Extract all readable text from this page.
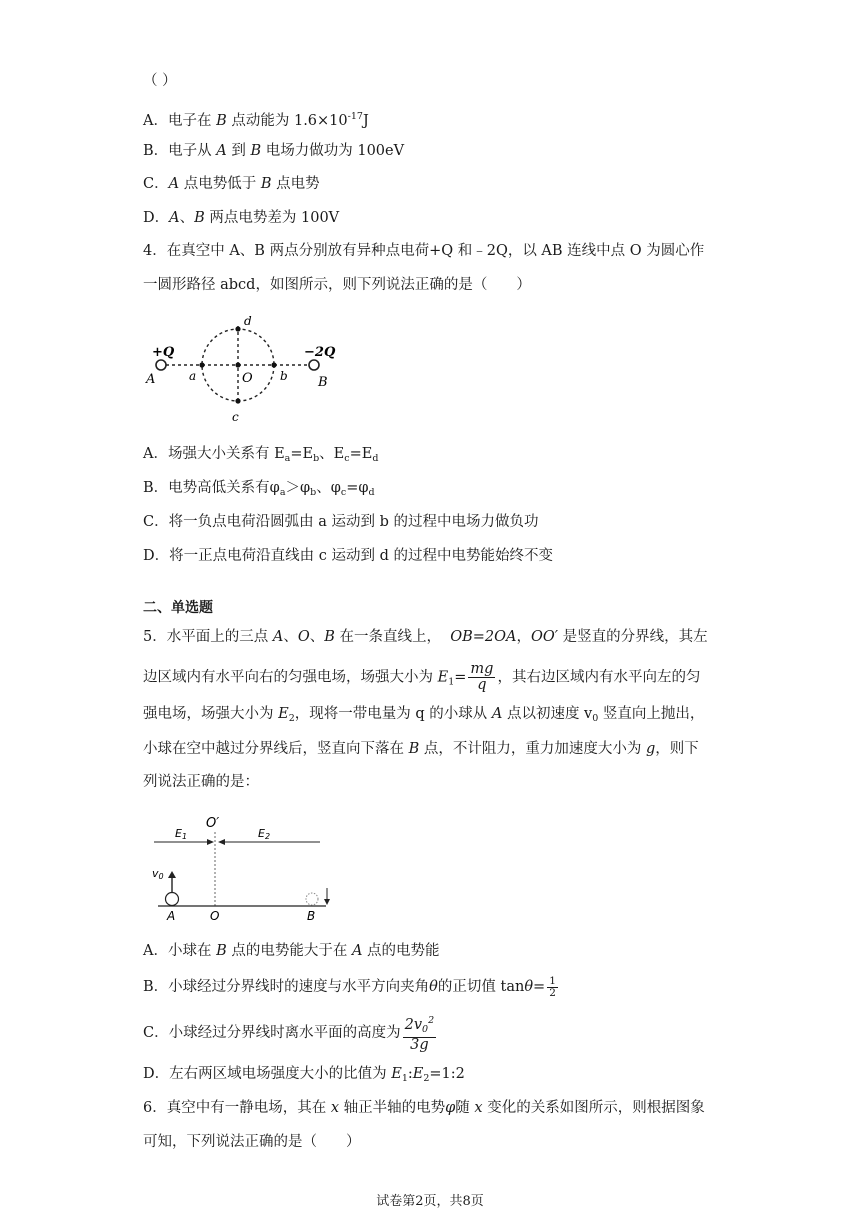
（ ）
A．电子在 B 点动能为 $1.6\times 10^{-17}J$
B．电子从 A 到 B 电场力做功为 100eV
C．A 点电势低于 B 点电势
D．A、B 两点电势差为 100V
4．在真空中 A、B 两点分别放有异种点电荷+Q 和﹣2Q，以 AB 连线中点 O 为圆心作
一圆形路径 abcd，如图所示，则下列说法正确的是（　　）
+Q	−2Q
A	B
a	b
d
c
O
A．场强大小关系有 $E_a=E_b$、$E_c=E_d$
B．电势高低关系有$\varphi_a>\varphi_b$、$\varphi_c=\varphi_d$
C．将一负点电荷沿圆弧由 a 运动到 b 的过程中电场力做负功
D．将一正点电荷沿直线由 c 运动到 d 的过程中电势能始终不变
二、单选题
5．水平面上的三点 A、O、B 在一条直线上， OB=2OA，OO′ 是竖直的分界线，其左
边区域内有水平向右的匀强电场，场强大小为 $E_1= \frac{mg}{q}$ ，其右边区域内有水平向左的匀
强电场，场强大小为 $E_2$，现将一带电量为 q 的小球从 A 点以初速度 $v_0$ 竖直向上抛出，
小球在空中越过分界线后，竖直向下落在 B 点，不计阻力，重力加速度大小为 g，则下
列说法正确的是：
O′
E1	E2
v0
A	O	B
A．小球在 B 点的电势能大于在 A 点的电势能
B．小球经过分界线时的速度与水平方向夹角θ的正切值 $\tan\theta= \frac{1}{2}$
C．小球经过分界线时离水平面的高度为 $\frac{2v_0^2}{3g}$
D．左右两区域电场强度大小的比值为 $E_1:E_2=1:2$
6．真空中有一静电场，其在 x 轴正半轴的电势φ随 x 变化的关系如图所示，则根据图象
可知，下列说法正确的是（　　）
试卷第2页，共8页
